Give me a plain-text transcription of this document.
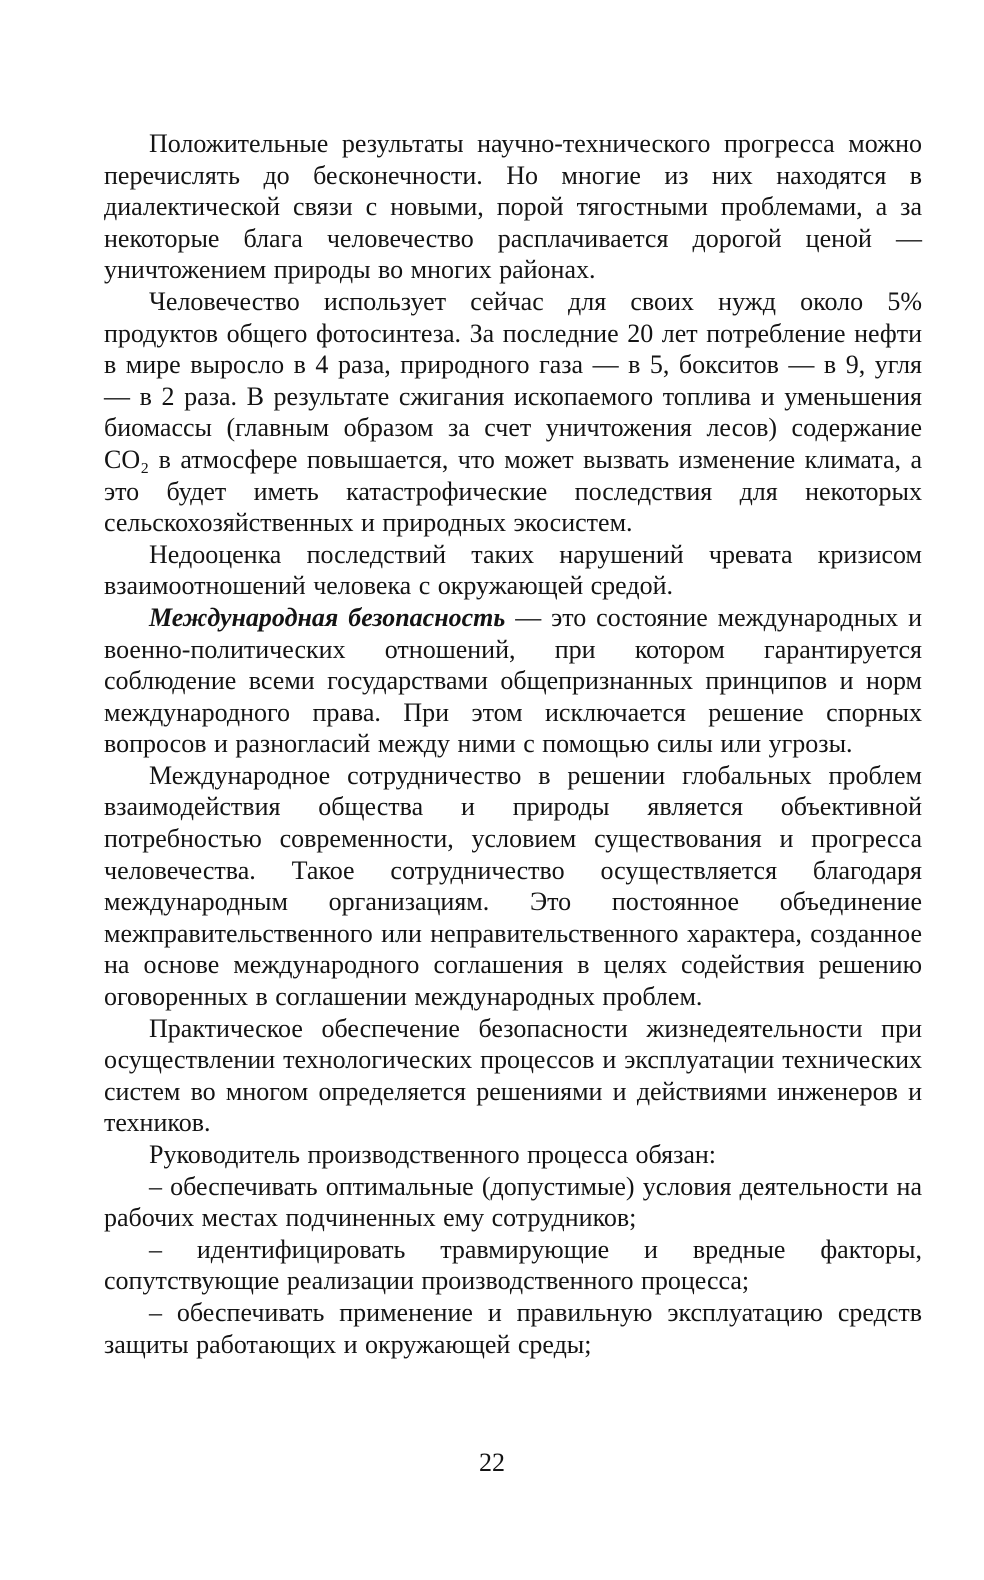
Положительные результаты научно-технического прогресса можно перечислять до бесконечности. Но многие из них находятся в диалектической связи с новыми, порой тягостными проблемами, а за некоторые блага человечество расплачивается дорогой ценой — уничтожением природы во многих районах.

Человечество использует сейчас для своих нужд около 5% продуктов общего фотосинтеза. За последние 20 лет потребление нефти в мире выросло в 4 раза, природного газа — в 5, бокситов — в 9, угля — в 2 раза. В результате сжигания ископаемого топлива и уменьшения биомассы (главным образом за счет уничтожения лесов) содержание СО₂ в атмосфере повышается, что может вызвать изменение климата, а это будет иметь катастрофические последствия для некоторых сельскохозяйственных и природных экосистем.

Недооценка последствий таких нарушений чревата кризисом взаимоотношений человека с окружающей средой.

Международная безопасность — это состояние международных и военно-политических отношений, при котором гарантируется соблюдение всеми государствами общепризнанных принципов и норм международного права. При этом исключается решение спорных вопросов и разногласий между ними с помощью силы или угрозы.

Международное сотрудничество в решении глобальных проблем взаимодействия общества и природы является объективной потребностью современности, условием существования и прогресса человечества. Такое сотрудничество осуществляется благодаря международным организациям. Это постоянное объединение межправительственного или неправительственного характера, созданное на основе международного соглашения в целях содействия решению оговоренных в соглашении международных проблем.

Практическое обеспечение безопасности жизнедеятельности при осуществлении технологических процессов и эксплуатации технических систем во многом определяется решениями и действиями инженеров и техников.

Руководитель производственного процесса обязан:

– обеспечивать оптимальные (допустимые) условия деятельности на рабочих местах подчиненных ему сотрудников;

– идентифицировать травмирующие и вредные факторы, сопутствующие реализации производственного процесса;

– обеспечивать применение и правильную эксплуатацию средств защиты работающих и окружающей среды;

22
